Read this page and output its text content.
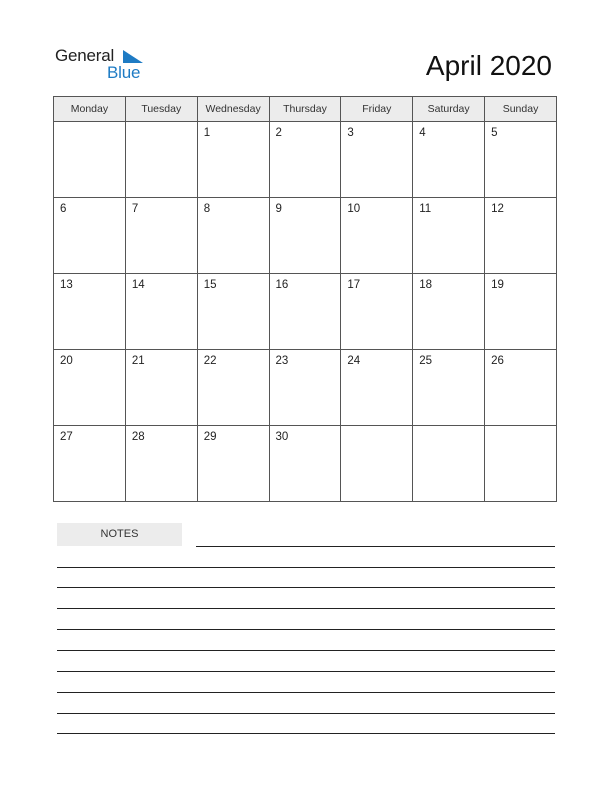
General
Blue	April 2020
Monday	Tuesday	Wednesday	Thursday	Friday	Saturday	Sunday

		1	2	3	4	5

6	7	8	9	10	11	12

13	14	15	16	17	18	19

20	21	22	23	24	25	26

27	28	29	30			

NOTES
